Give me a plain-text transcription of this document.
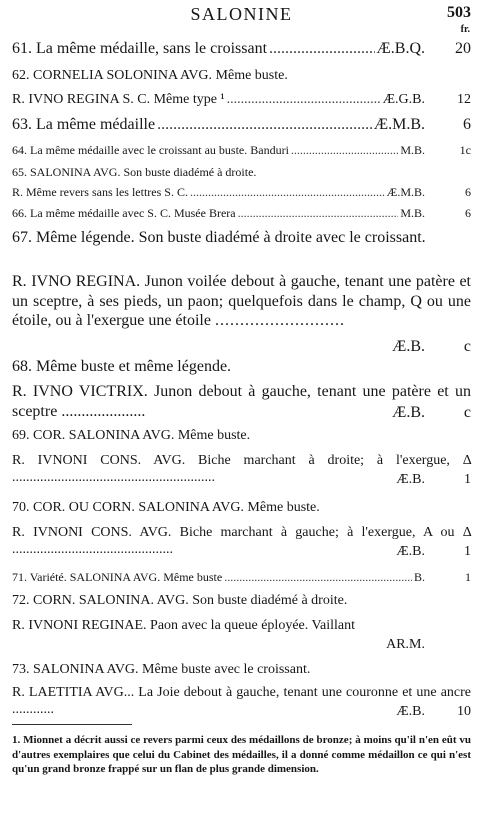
SALONINE	503
fr.
61. La même médaille, sans le croissant .....	Æ.B.Q.	20
62. CORNELIA SOLONINA AVG. Même buste.
R. IVNO REGINA S. C. Même type ¹ .....	Æ.G.B.	12
63. La même médaille .....	Æ.M.B.	6
64. La même médaille avec le croissant au buste. Banduri .....	M.B.	1c
65. SALONINA AVG. Son buste diadémé à droite.
R. Même revers sans les lettres S. C. .....	Æ.M.B.	6
66. La même médaille avec S. C. Musée Brera .....	M.B.	6
67. Même légende. Son buste diadémé à droite avec le croissant.
R. IVNO REGINA. Junon voilée debout à gauche, tenant une patère et un sceptre, à ses pieds, un paon; quelquefois dans le champ, Q ou une étoile, ou à l'exergue une étoile ..........................
Æ.B.	c
68. Même buste et même légende.
R. IVNO VICTRIX. Junon debout à gauche, tenant une patère et un sceptre .....................	Æ.B.	c
69. COR. SALONINA AVG. Même buste.
R. IVNONI CONS. AVG. Biche marchant à droite; à l'exergue, Δ ..........................................................	Æ.B.	1
70. COR. OU CORN. SALONINA AVG. Même buste.
R. IVNONI CONS. AVG. Biche marchant à gauche; à l'exergue, A ou Δ ..............................................	Æ.B.	1
71. Variété. SALONINA AVG. Même buste .....	B.	1
72. CORN. SALONINA. AVG. Son buste diadémé à droite.
R. IVNONI REGINAE. Paon avec la queue éployée. Vaillant
AR.M.
73. SALONINA AVG. Même buste avec le croissant.
R. LAETITIA AVG... La Joie debout à gauche, tenant une couronne et une ancre ............	Æ.B.	10
1. Mionnet a décrit aussi ce revers parmi ceux des médaillons de bronze; à moins qu'il n'en eût vu d'autres exemplaires que celui du Cabinet des médailles, il a donné comme médaillon ce qui n'est qu'un grand bronze frappé sur un flan de plus grande dimension.
